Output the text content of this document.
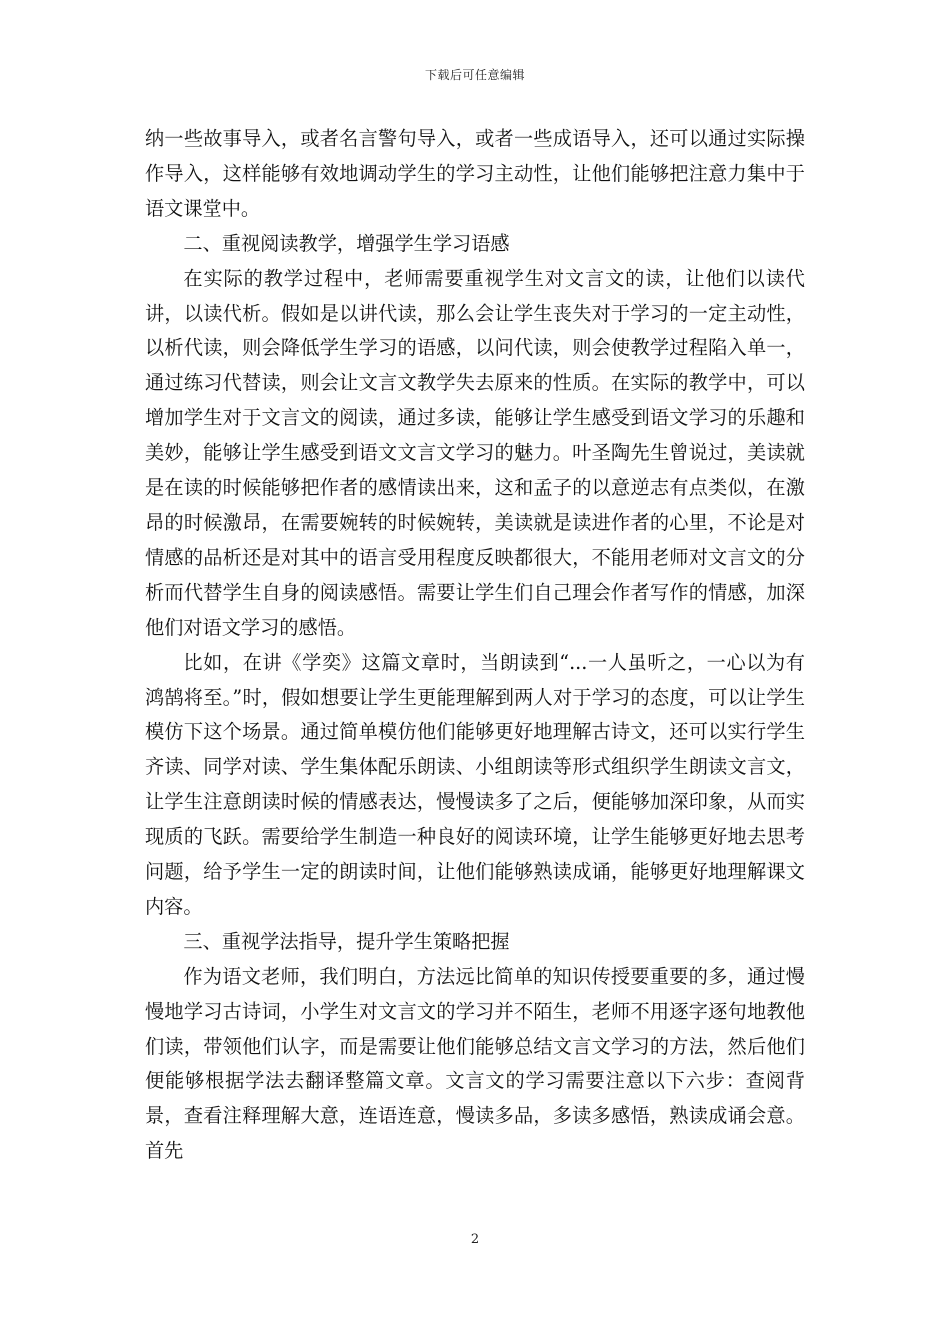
下载后可任意编辑

纳一些故事导入，或者名言警句导入，或者一些成语导入，还可以通过实际操作导入，这样能够有效地调动学生的学习主动性，让他们能够把注意力集中于语文课堂中。

二、重视阅读教学，增强学生学习语感

在实际的教学过程中，老师需要重视学生对文言文的读，让他们以读代讲，以读代析。假如是以讲代读，那么会让学生丧失对于学习的一定主动性，以析代读，则会降低学生学习的语感，以问代读，则会使教学过程陷入单一，通过练习代替读，则会让文言文教学失去原来的性质。在实际的教学中，可以增加学生对于文言文的阅读，通过多读，能够让学生感受到语文学习的乐趣和美妙，能够让学生感受到语文文言文学习的魅力。叶圣陶先生曾说过，美读就是在读的时候能够把作者的感情读出来，这和孟子的以意逆志有点类似，在激昂的时候激昂，在需要婉转的时候婉转，美读就是读进作者的心里，不论是对情感的品析还是对其中的语言受用程度反映都很大，不能用老师对文言文的分析而代替学生自身的阅读感悟。需要让学生们自己理会作者写作的情感，加深他们对语文学习的感悟。

比如，在讲《学奕》这篇文章时，当朗读到“...一人虽听之，一心以为有鸿鹄将至。”时，假如想要让学生更能理解到两人对于学习的态度，可以让学生模仿下这个场景。通过简单模仿他们能够更好地理解古诗文，还可以实行学生齐读、同学对读、学生集体配乐朗读、小组朗读等形式组织学生朗读文言文，让学生注意朗读时候的情感表达，慢慢读多了之后，便能够加深印象，从而实现质的飞跃。需要给学生制造一种良好的阅读环境，让学生能够更好地去思考问题，给予学生一定的朗读时间，让他们能够熟读成诵，能够更好地理解课文内容。

三、重视学法指导，提升学生策略把握

作为语文老师，我们明白，方法远比简单的知识传授要重要的多，通过慢慢地学习古诗词，小学生对文言文的学习并不陌生，老师不用逐字逐句地教他们读，带领他们认字，而是需要让他们能够总结文言文学习的方法，然后他们便能够根据学法去翻译整篇文章。文言文的学习需要注意以下六步：查阅背景，查看注释理解大意，连语连意，慢读多品，多读多感悟，熟读成诵会意。首先

2
